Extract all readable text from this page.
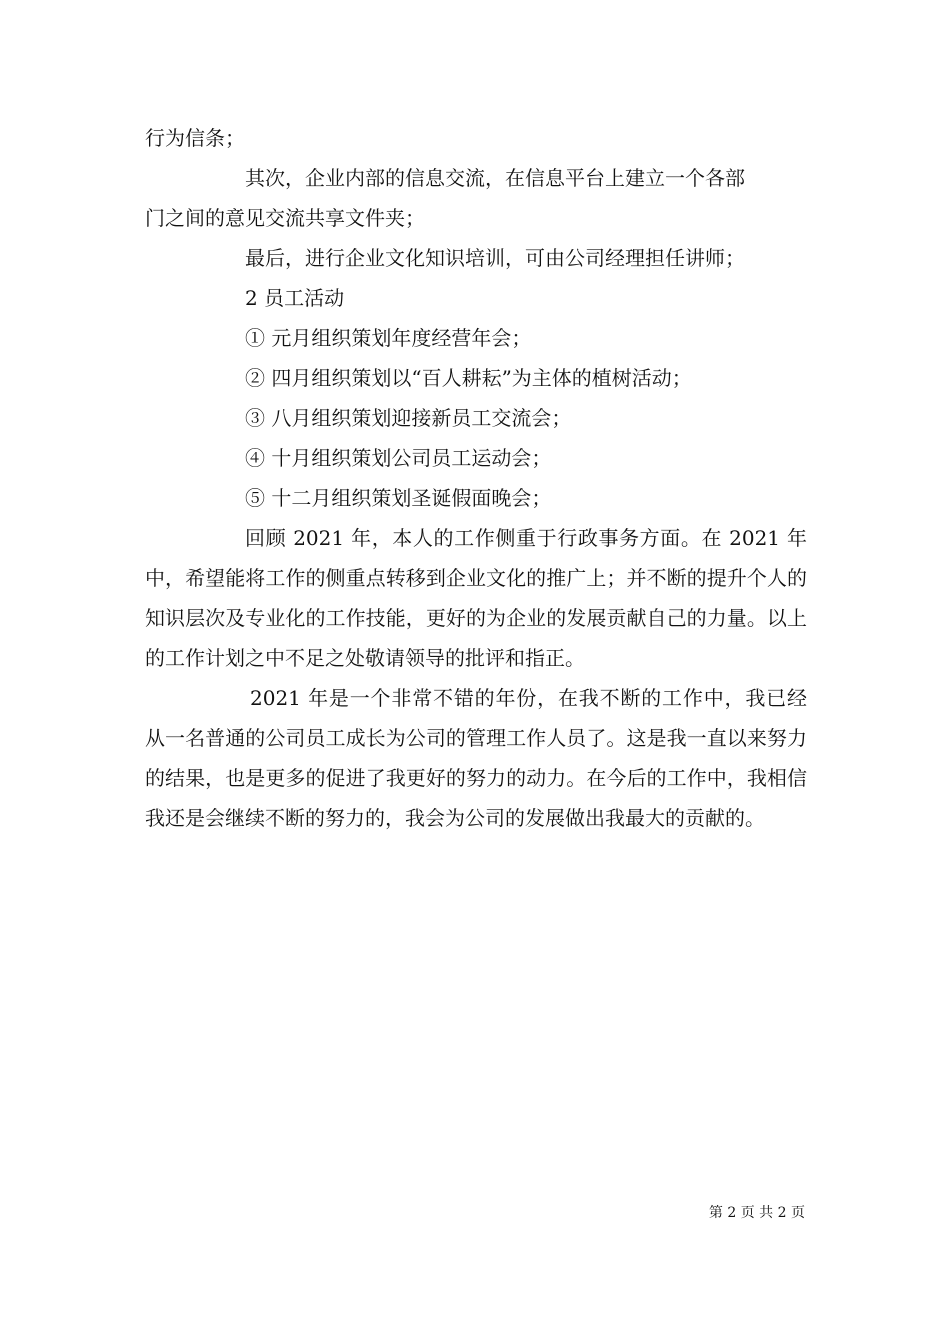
行为信条；

其次，企业内部的信息交流，在信息平台上建立一个各部

门之间的意见交流共享文件夹；

最后，进行企业文化知识培训，可由公司经理担任讲师；

2 员工活动

① 元月组织策划年度经营年会；

② 四月组织策划以“百人耕耘”为主体的植树活动；

③ 八月组织策划迎接新员工交流会；

④ 十月组织策划公司员工运动会；

⑤ 十二月组织策划圣诞假面晚会；

回顾 2021 年，本人的工作侧重于行政事务方面。在 2021 年中，希望能将工作的侧重点转移到企业文化的推广上；并不断的提升个人的知识层次及专业化的工作技能，更好的为企业的发展贡献自己的力量。以上的工作计划之中不足之处敬请领导的批评和指正。

2021 年是一个非常不错的年份，在我不断的工作中，我已经从一名普通的公司员工成长为公司的管理工作人员了。这是我一直以来努力的结果，也是更多的促进了我更好的努力的动力。在今后的工作中，我相信我还是会继续不断的努力的，我会为公司的发展做出我最大的贡献的。

第 2 页 共 2 页
